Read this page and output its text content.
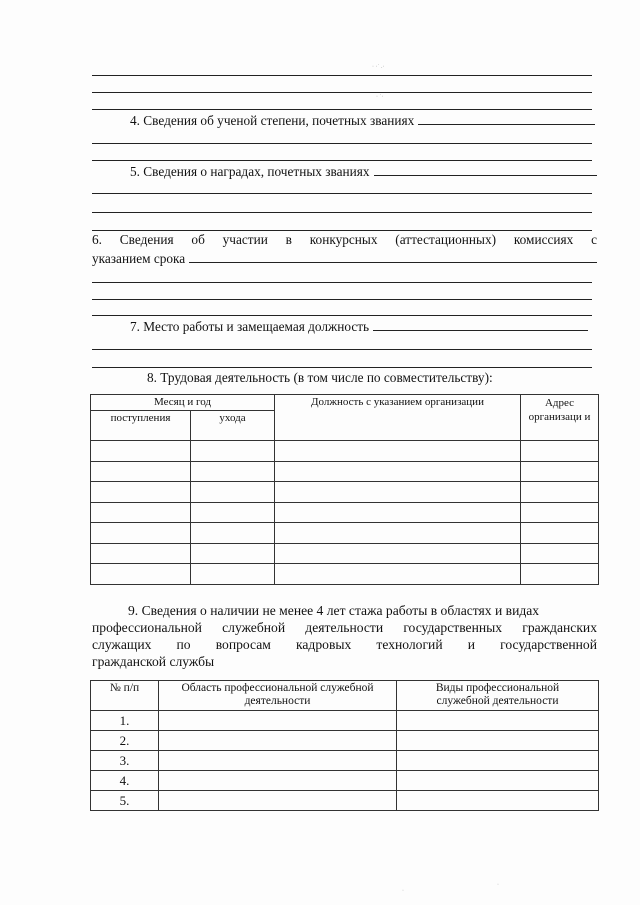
· ·˙ .·
· ˙·
4. Сведения об ученой степени, почетных званиях
5. Сведения о наградах, почетных званиях
6. Сведения об участии в конкурсных (аттестационных) комиссиях с
указанием срока
7. Место работы и замещаемая должность
8. Трудовая деятельность (в том числе по совместительству):
Месяц и год		Должность с указанием организации	Адрес организаци и
поступления	ухода		

9. Сведения о наличии не менее 4 лет стажа работы в областях и видах
профессиональной служебной деятельности государственных гражданских
служащих по вопросам кадровых технологий и государственной
гражданской службы
№ п/п	Область профессиональной служебной деятельности	Виды профессиональной служебной деятельности
1.		
2.		
3.		
4.		
5.		
·
·
